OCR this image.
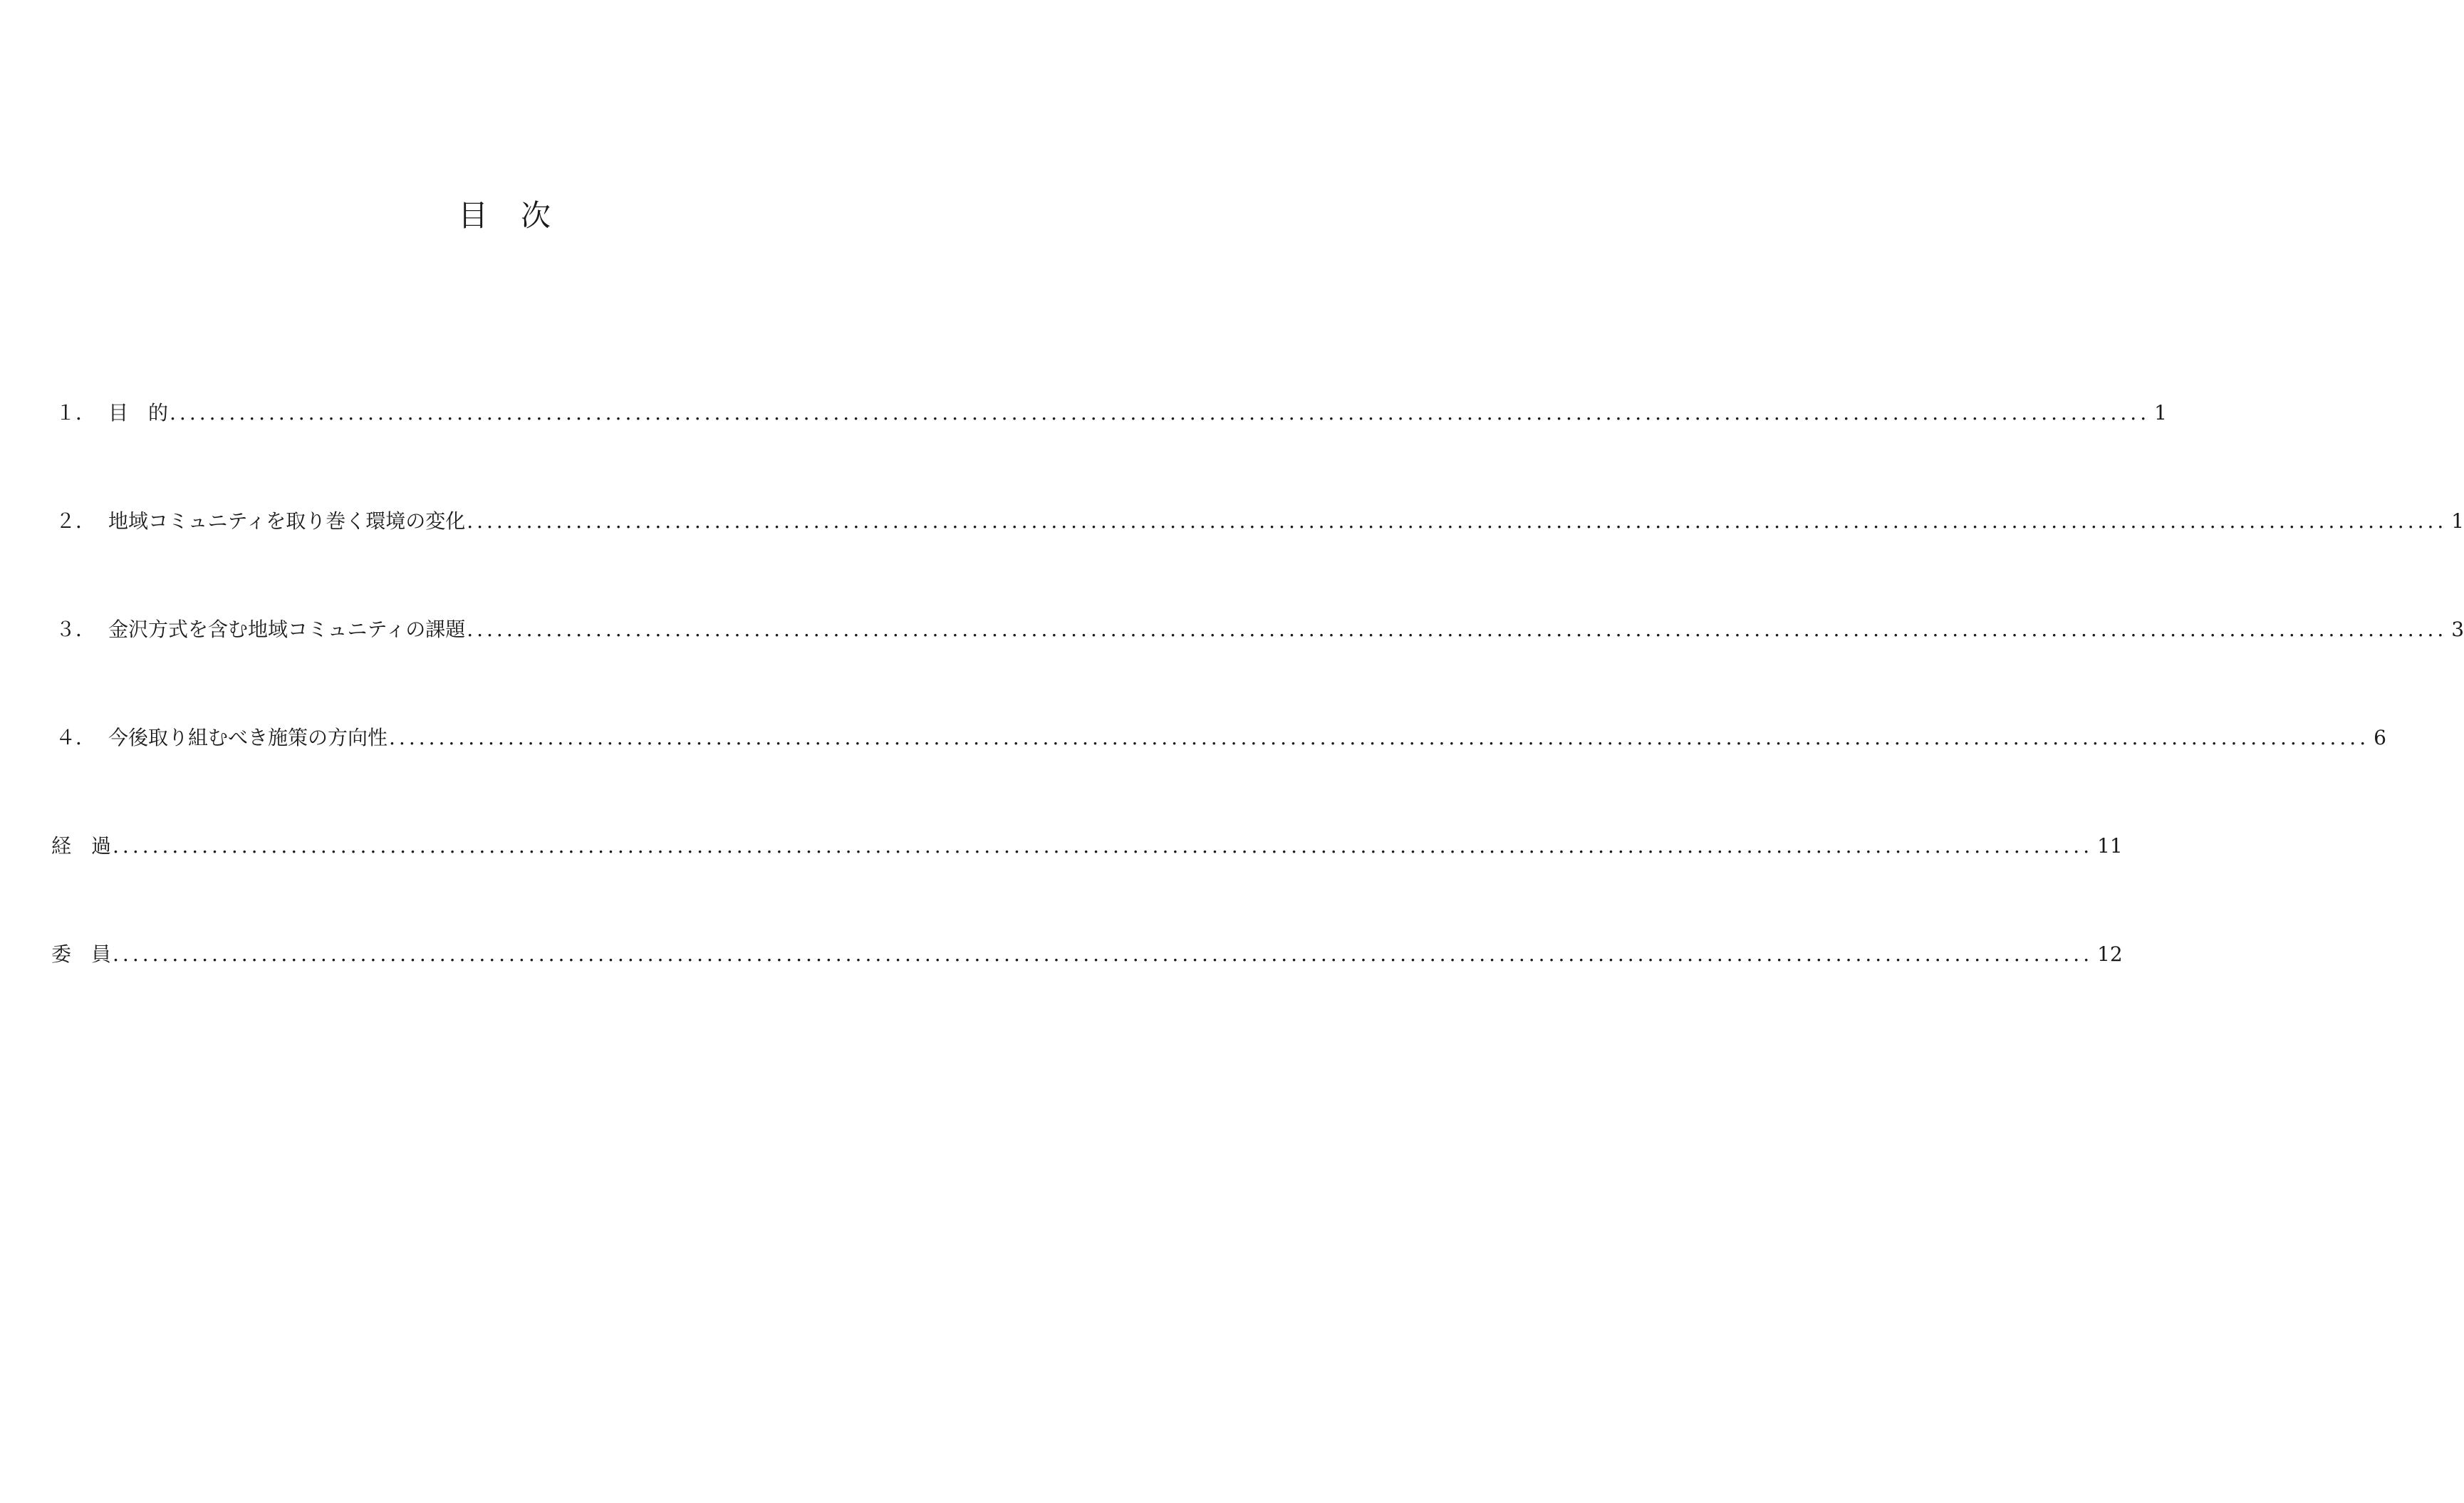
目　次
１． 目　的 ........................................................................................................................................................................................................ 1
２． 地域コミュニティを取り巻く環境の変化 ........................................................................................................................................................................................................ 1
３． 金沢方式を含む地域コミュニティの課題 ........................................................................................................................................................................................................ 3
４． 今後取り組むべき施策の方向性 ........................................................................................................................................................................................................ 6
経　過 ........................................................................................................................................................................................................ 11
委　員 ........................................................................................................................................................................................................ 12
